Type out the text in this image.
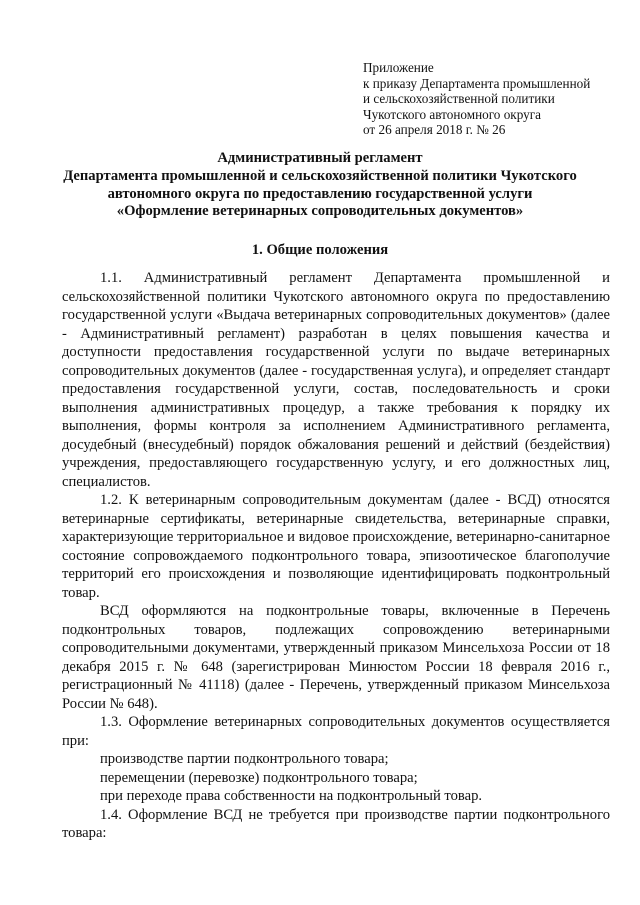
Приложение
к приказу Департамента промышленной
и сельскохозяйственной политики
Чукотского автономного округа
от 26 апреля 2018 г. № 26
Административный регламент
Департамента промышленной и сельскохозяйственной политики Чукотского
автономного округа по предоставлению государственной услуги
«Оформление ветеринарных сопроводительных документов»
1. Общие положения

1.1. Административный регламент Департамента промышленной и сельскохозяйственной политики Чукотского автономного округа по предоставлению государственной услуги «Выдача ветеринарных сопроводительных документов» (далее - Административный регламент) разработан в целях повышения качества и доступности предоставления государственной услуги по выдаче ветеринарных сопроводительных документов (далее - государственная услуга), и определяет стандарт предоставления государственной услуги, состав, последовательность и сроки выполнения административных процедур, а также требования к порядку их выполнения, формы контроля за исполнением Административного регламента, досудебный (внесудебный) порядок обжалования решений и действий (бездействия) учреждения, предоставляющего государственную услугу, и его должностных лиц, специалистов.

1.2. К ветеринарным сопроводительным документам (далее - ВСД) относятся ветеринарные сертификаты, ветеринарные свидетельства, ветеринарные справки, характеризующие территориальное и видовое происхождение, ветеринарно-санитарное состояние сопровождаемого подконтрольного товара, эпизоотическое благополучие территорий его происхождения и позволяющие идентифицировать подконтрольный товар.

ВСД оформляются на подконтрольные товары, включенные в Перечень подконтрольных товаров, подлежащих сопровождению ветеринарными сопроводительными документами, утвержденный приказом Минсельхоза России от 18 декабря 2015 г. № 648 (зарегистрирован Минюстом России 18 февраля 2016 г., регистрационный № 41118) (далее - Перечень, утвержденный приказом Минсельхоза России № 648).

1.3. Оформление ветеринарных сопроводительных документов осуществляется при:

производстве партии подконтрольного товара;

перемещении (перевозке) подконтрольного товара;

при переходе права собственности на подконтрольный товар.

1.4. Оформление ВСД не требуется при производстве партии подконтрольного товара:
